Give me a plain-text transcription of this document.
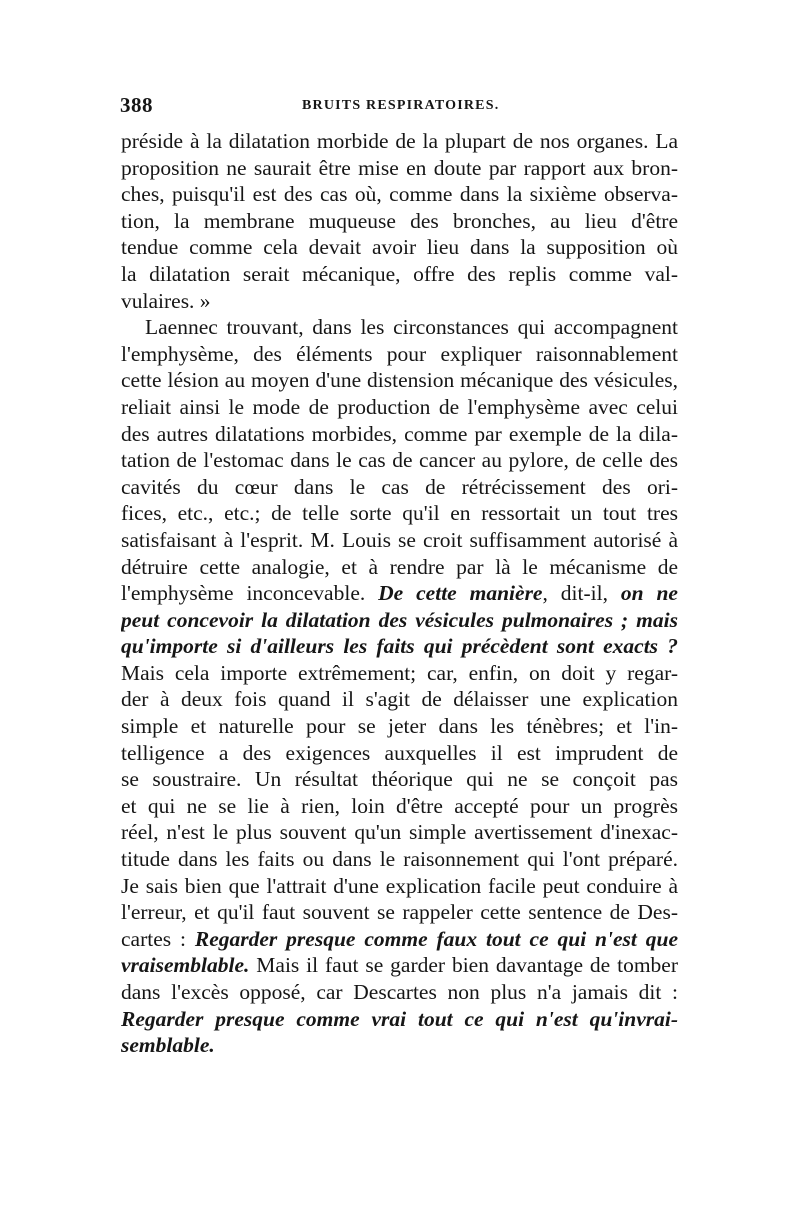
388	BRUITS RESPIRATOIRES.
préside à la dilatation morbide de la plupart de nos organes. La
proposition ne saurait être mise en doute par rapport aux bron-
ches, puisqu'il est des cas où, comme dans la sixième observa-
tion, la membrane muqueuse des bronches, au lieu d'être
tendue comme cela devait avoir lieu dans la supposition où
la dilatation serait mécanique, offre des replis comme val-
vulaires. »
Laennec trouvant, dans les circonstances qui accompagnent
l'emphysème, des éléments pour expliquer raisonnablement
cette lésion au moyen d'une distension mécanique des vésicules,
reliait ainsi le mode de production de l'emphysème avec celui
des autres dilatations morbides, comme par exemple de la dila-
tation de l'estomac dans le cas de cancer au pylore, de celle des
cavités du cœur dans le cas de rétrécissement des ori-
fices, etc., etc.; de telle sorte qu'il en ressortait un tout tres
satisfaisant à l'esprit. M. Louis se croit suffisamment autorisé à
détruire cette analogie, et à rendre par là le mécanisme de
l'emphysème inconcevable. De cette manière, dit-il, on ne
peut concevoir la dilatation des vésicules pulmonaires ; mais
qu'importe si d'ailleurs les faits qui précèdent sont exacts ?
Mais cela importe extrêmement; car, enfin, on doit y regar-
der à deux fois quand il s'agit de délaisser une explication
simple et naturelle pour se jeter dans les ténèbres; et l'in-
telligence a des exigences auxquelles il est imprudent de
se soustraire. Un résultat théorique qui ne se conçoit pas
et qui ne se lie à rien, loin d'être accepté pour un progrès
réel, n'est le plus souvent qu'un simple avertissement d'inexac-
titude dans les faits ou dans le raisonnement qui l'ont préparé.
Je sais bien que l'attrait d'une explication facile peut conduire à
l'erreur, et qu'il faut souvent se rappeler cette sentence de Des-
cartes : Regarder presque comme faux tout ce qui n'est que
vraisemblable. Mais il faut se garder bien davantage de tomber
dans l'excès opposé, car Descartes non plus n'a jamais dit :
Regarder presque comme vrai tout ce qui n'est qu'invrai-
semblable.
